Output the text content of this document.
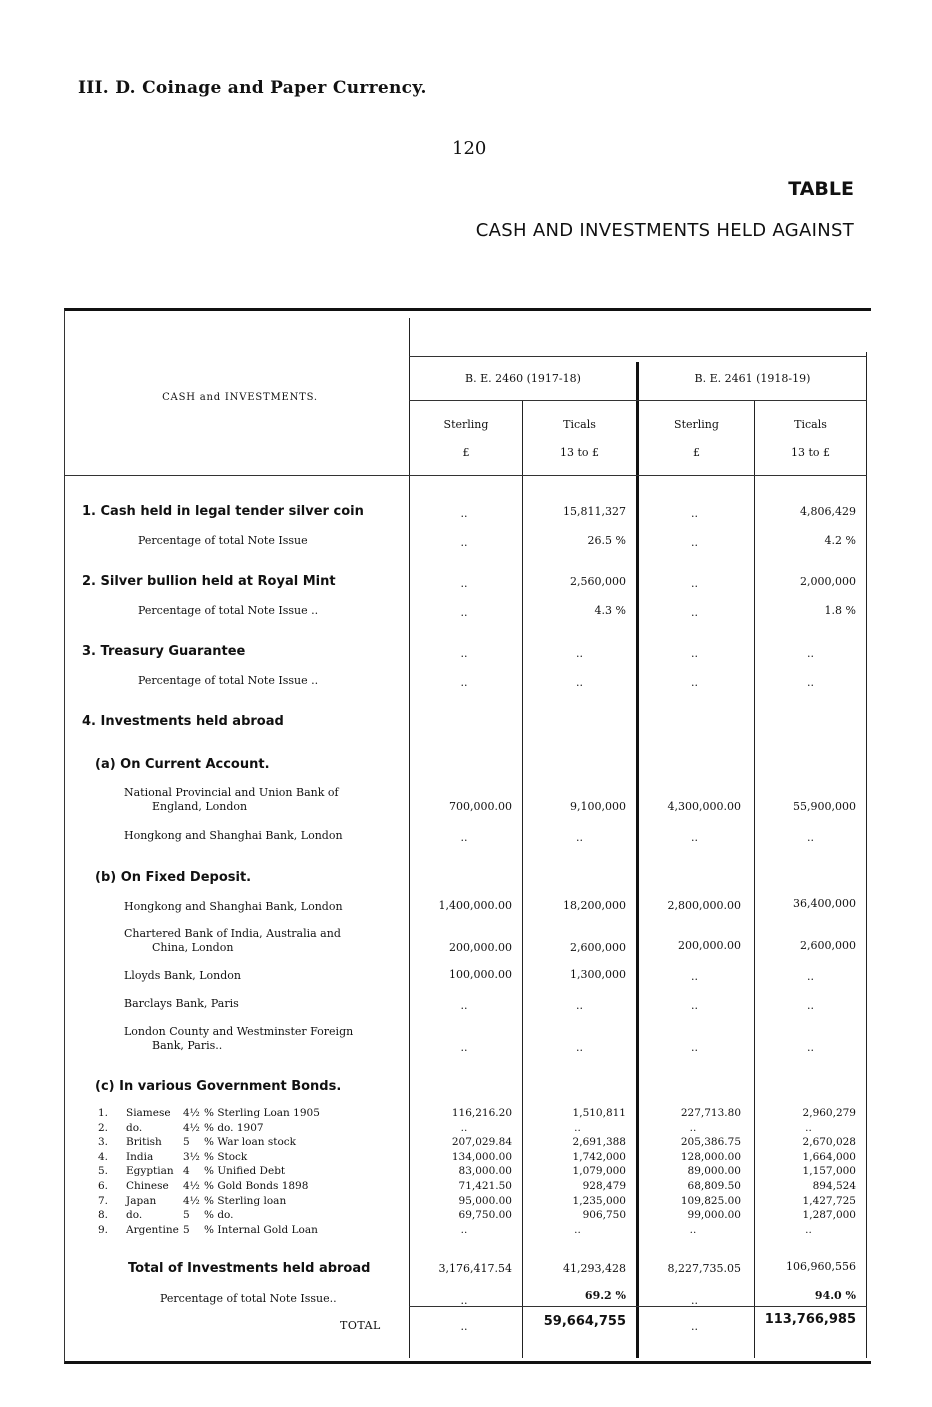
III. D. Coinage and Paper Currency.
120
TABLE
CASH AND INVESTMENTS HELD AGAINST
CASH and INVESTMENTS.
B. E. 2460 (1917-18)	B. E. 2461 (1918-19)
Sterling	Ticals	Sterling	Ticals
£	13 to £	£	13 to £
1. Cash held in legal tender silver coin	..	15,811,327	..	4,806,429
Percentage of total Note Issue	..	26.5 %	..	4.2 %
2. Silver bullion held at Royal Mint	..	2,560,000	..	2,000,000
Percentage of total Note Issue ..	..	4.3 %	..	1.8 %
3. Treasury Guarantee	..	..	..	..
Percentage of total Note Issue ..	..	..	..	..
4. Investments held abroad
(a) On Current Account.
National Provincial and Union Bank of
England, London	700,000.00	9,100,000	4,300,000.00	55,900,000
Hongkong and Shanghai Bank, London	..	..	..	..
(b) On Fixed Deposit.
Hongkong and Shanghai Bank, London	1,400,000.00	18,200,000	2,800,000.00	36,400,000
Chartered Bank of India, Australia and
China, London	200,000.00	2,600,000	200,000.00	2,600,000
Lloyds Bank, London	100,000.00	1,300,000	..	..
Barclays Bank, Paris	..	..	..	..
London County and Westminster Foreign
Bank, Paris..	..	..	..	..
(c) In various Government Bonds.
1. Siamese 4½ % Sterling Loan 1905	116,216.20	1,510,811	227,713.80	2,960,279
2. do.	4½ % do. 1907	..	..	..	..
3. British 5 % War loan stock	207,029.84	2,691,388	205,386.75	2,670,028
4. India	3½ % Stock	134,000.00	1,742,000	128,000.00	1,664,000
5. Egyptian 4 % Unified Debt	83,000.00	1,079,000	89,000.00	1,157,000
6. Chinese 4½ % Gold Bonds 1898	71,421.50	928,479	68,809.50	894,524
7. Japan	4½ % Sterling loan	95,000.00	1,235,000	109,825.00	1,427,725
8. do.	5 % do.	69,750.00	906,750	99,000.00	1,287,000
9. Argentine 5 % Internal Gold Loan	..	..	..	..
Total of Investments held abroad	3,176,417.54	41,293,428	8,227,735.05	106,960,556
Percentage of total Note Issue..	..	69.2 %	..	94.0 %
TOTAL	..	59,664,755	..	113,766,985
